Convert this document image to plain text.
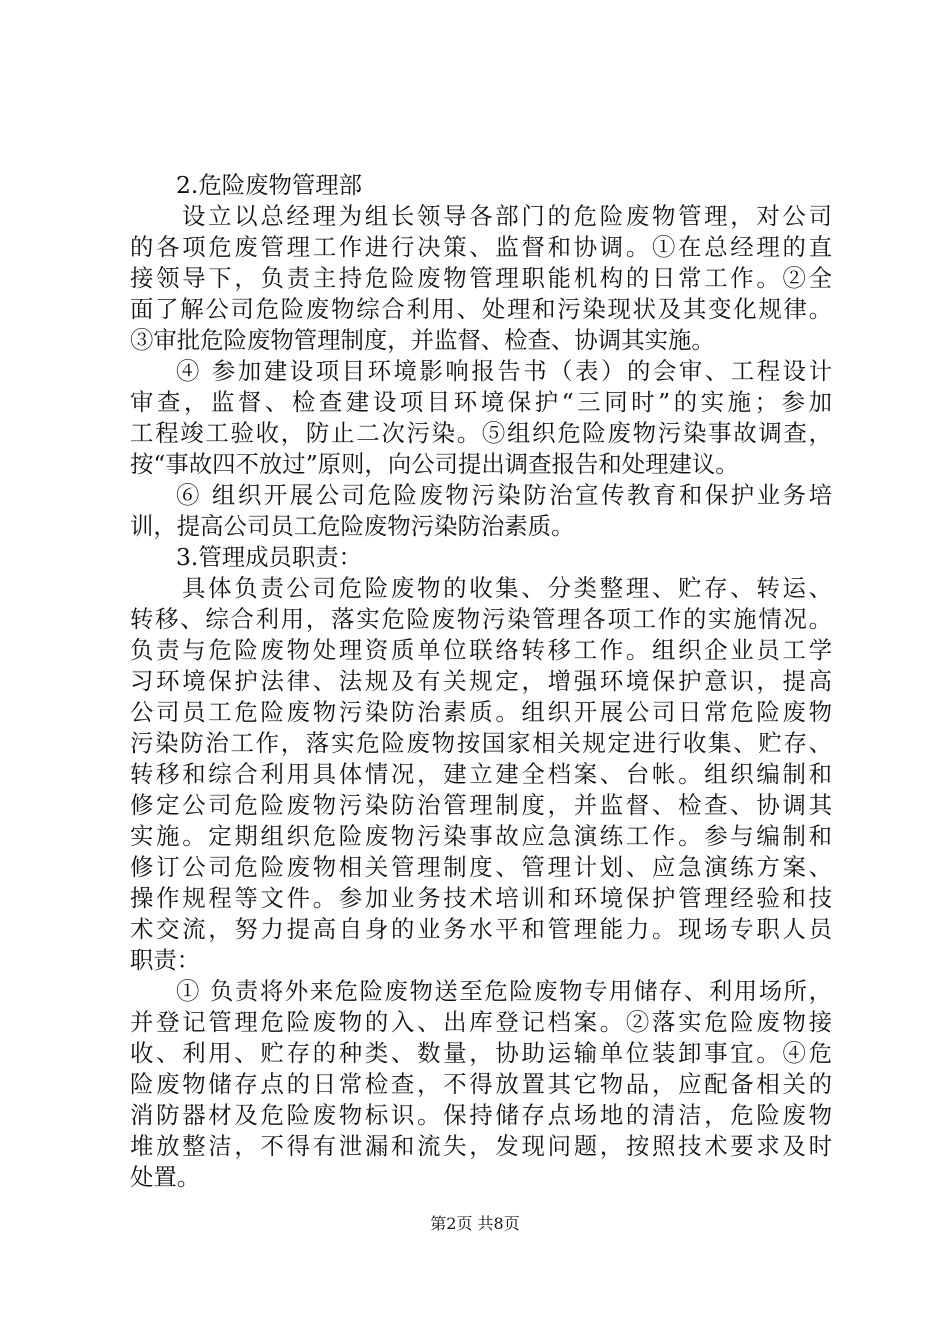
2.危险废物管理部
设立以总经理为组长领导各部门的危险废物管理，对公司
的各项危废管理工作进行决策、监督和协调。①在总经理的直
接领导下，负责主持危险废物管理职能机构的日常工作。②全
面了解公司危险废物综合利用、处理和污染现状及其变化规律。
③审批危险废物管理制度，并监督、检查、协调其实施。
④ 参加建设项目环境影响报告书（表）的会审、工程设计
审查，监督、检查建设项目环境保护“三同时”的实施；参加
工程竣工验收，防止二次污染。⑤组织危险废物污染事故调查，
按“事故四不放过”原则，向公司提出调查报告和处理建议。
⑥ 组织开展公司危险废物污染防治宣传教育和保护业务培
训，提高公司员工危险废物污染防治素质。
3.管理成员职责：
具体负责公司危险废物的收集、分类整理、贮存、转运、
转移、综合利用，落实危险废物污染管理各项工作的实施情况。
负责与危险废物处理资质单位联络转移工作。组织企业员工学
习环境保护法律、法规及有关规定，增强环境保护意识，提高
公司员工危险废物污染防治素质。组织开展公司日常危险废物
污染防治工作，落实危险废物按国家相关规定进行收集、贮存、
转移和综合利用具体情况，建立建全档案、台帐。组织编制和
修定公司危险废物污染防治管理制度，并监督、检查、协调其
实施。定期组织危险废物污染事故应急演练工作。参与编制和
修订公司危险废物相关管理制度、管理计划、应急演练方案、
操作规程等文件。参加业务技术培训和环境保护管理经验和技
术交流，努力提高自身的业务水平和管理能力。现场专职人员
职责：
① 负责将外来危险废物送至危险废物专用储存、利用场所，
并登记管理危险废物的入、出库登记档案。②落实危险废物接
收、利用、贮存的种类、数量，协助运输单位装卸事宜。④危
险废物储存点的日常检查，不得放置其它物品，应配备相关的
消防器材及危险废物标识。保持储存点场地的清洁，危险废物
堆放整洁，不得有泄漏和流失，发现问题，按照技术要求及时
处置。
第2页 共8页
